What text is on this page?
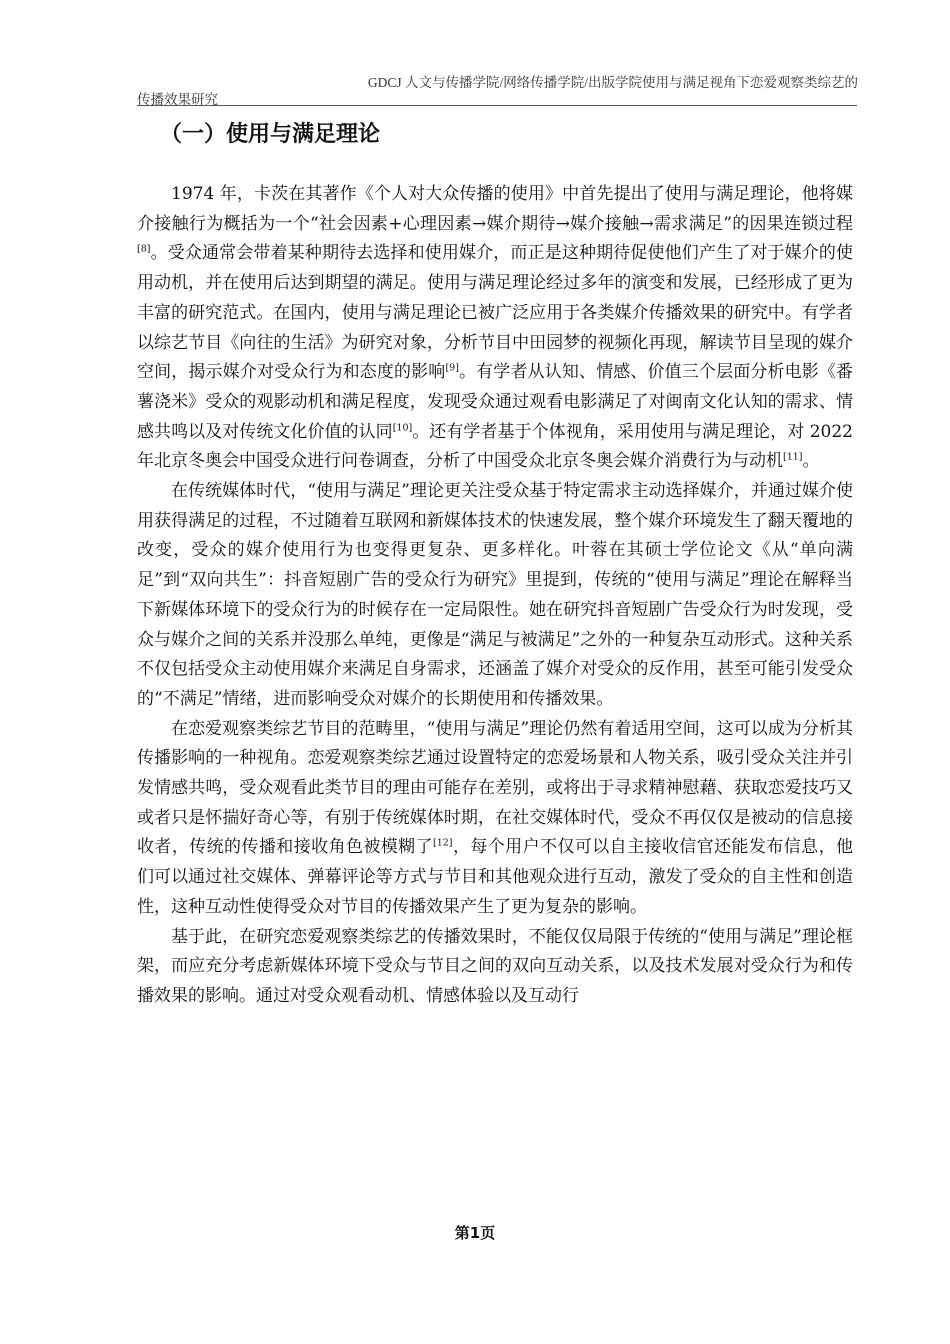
GDCJ 人文与传播学院/网络传播学院/出版学院使用与满足视角下恋爱观察类综艺的
传播效果研究
（一）使用与满足理论

1974 年，卡茨在其著作《个人对大众传播的使用》中首先提出了使用与满足理论，他将媒介接触行为概括为一个“社会因素+心理因素→媒介期待→媒介接触→需求满足”的因果连锁过程[8]。受众通常会带着某种期待去选择和使用媒介，而正是这种期待促使他们产生了对于媒介的使用动机，并在使用后达到期望的满足。使用与满足理论经过多年的演变和发展，已经形成了更为丰富的研究范式。在国内，使用与满足理论已被广泛应用于各类媒介传播效果的研究中。有学者以综艺节目《向往的生活》为研究对象，分析节目中田园梦的视频化再现，解读节目呈现的媒介空间，揭示媒介对受众行为和态度的影响[9]。有学者从认知、情感、价值三个层面分析电影《番薯浇米》受众的观影动机和满足程度，发现受众通过观看电影满足了对闽南文化认知的需求、情感共鸣以及对传统文化价值的认同[10]。还有学者基于个体视角，采用使用与满足理论，对 2022 年北京冬奥会中国受众进行问卷调查，分析了中国受众北京冬奥会媒介消费行为与动机[11]。

在传统媒体时代，“使用与满足”理论更关注受众基于特定需求主动选择媒介，并通过媒介使用获得满足的过程，不过随着互联网和新媒体技术的快速发展，整个媒介环境发生了翻天覆地的改变，受众的媒介使用行为也变得更复杂、更多样化。叶蓉在其硕士学位论文《从“单向满足”到“双向共生”：抖音短剧广告的受众行为研究》里提到，传统的“使用与满足”理论在解释当下新媒体环境下的受众行为的时候存在一定局限性。她在研究抖音短剧广告受众行为时发现，受众与媒介之间的关系并没那么单纯，更像是“满足与被满足”之外的一种复杂互动形式。这种关系不仅包括受众主动使用媒介来满足自身需求，还涵盖了媒介对受众的反作用，甚至可能引发受众的“不满足”情绪，进而影响受众对媒介的长期使用和传播效果。

在恋爱观察类综艺节目的范畴里，“使用与满足”理论仍然有着适用空间，这可以成为分析其传播影响的一种视角。恋爱观察类综艺通过设置特定的恋爱场景和人物关系，吸引受众关注并引发情感共鸣，受众观看此类节目的理由可能存在差别，或将出于寻求精神慰藉、获取恋爱技巧又或者只是怀揣好奇心等，有别于传统媒体时期，在社交媒体时代，受众不再仅仅是被动的信息接收者，传统的传播和接收角色被模糊了[12]，每个用户不仅可以自主接收信官还能发布信息，他们可以通过社交媒体、弹幕评论等方式与节目和其他观众进行互动，激发了受众的自主性和创造性，这种互动性使得受众对节目的传播效果产生了更为复杂的影响。

基于此，在研究恋爱观察类综艺的传播效果时，不能仅仅局限于传统的“使用与满足”理论框架，而应充分考虑新媒体环境下受众与节目之间的双向互动关系，以及技术发展对受众行为和传播效果的影响。通过对受众观看动机、情感体验以及互动行

第1页
